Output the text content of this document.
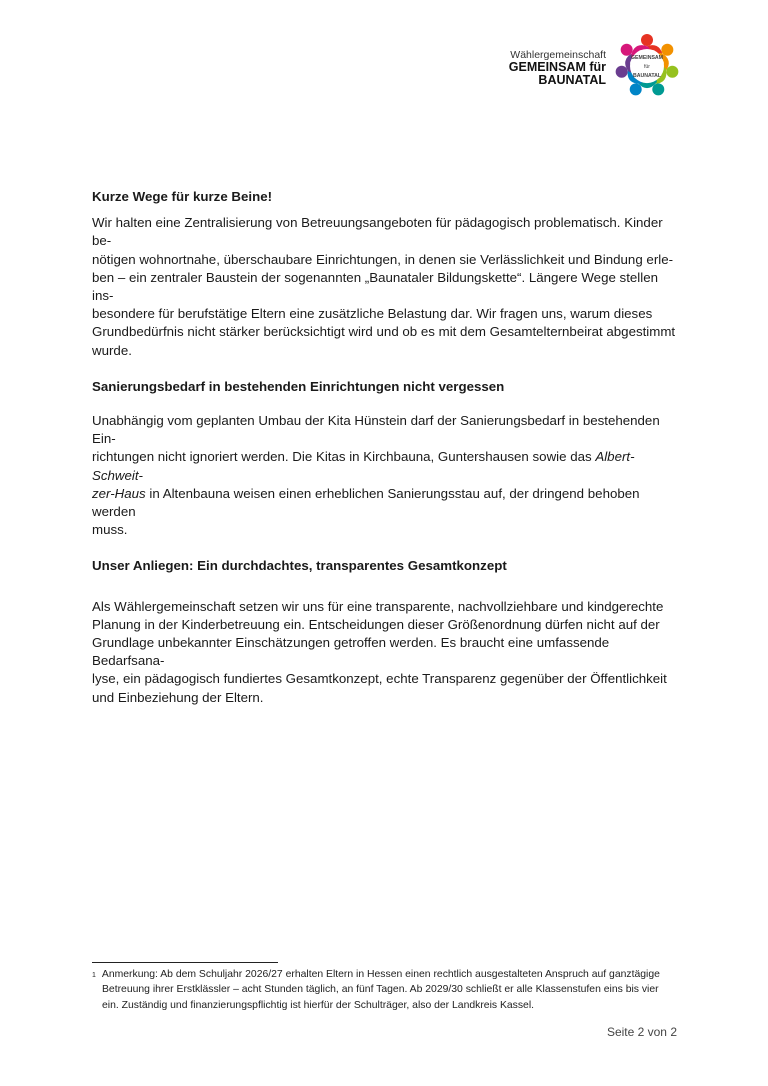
Wählergemeinschaft
GEMEINSAM für
BAUNATAL
GEMEINSAM
für
BAUNATAL

Kurze Wege für kurze Beine!

Wir halten eine Zentralisierung von Betreuungsangeboten für pädagogisch problematisch. Kinder be-
nötigen wohnortnahe, überschaubare Einrichtungen, in denen sie Verlässlichkeit und Bindung erle-
ben – ein zentraler Baustein der sogenannten „Baunataler Bildungskette“. Längere Wege stellen ins-
besondere für berufstätige Eltern eine zusätzliche Belastung dar. Wir fragen uns, warum dieses
Grundbedürfnis nicht stärker berücksichtigt wird und ob es mit dem Gesamtelternbeirat abgestimmt
wurde.

Sanierungsbedarf in bestehenden Einrichtungen nicht vergessen

Unabhängig vom geplanten Umbau der Kita Hünstein darf der Sanierungsbedarf in bestehenden Ein-
richtungen nicht ignoriert werden. Die Kitas in Kirchbauna, Guntershausen sowie das Albert-Schweit-
zer-Haus in Altenbauna weisen einen erheblichen Sanierungsstau auf, der dringend behoben werden
muss.

Unser Anliegen: Ein durchdachtes, transparentes Gesamtkonzept

Als Wählergemeinschaft setzen wir uns für eine transparente, nachvollziehbare und kindgerechte
Planung in der Kinderbetreuung ein. Entscheidungen dieser Größenordnung dürfen nicht auf der
Grundlage unbekannter Einschätzungen getroffen werden. Es braucht eine umfassende Bedarfsana-
lyse, ein pädagogisch fundiertes Gesamtkonzept, echte Transparenz gegenüber der Öffentlichkeit
und Einbeziehung der Eltern.

$^1$ Anmerkung: Ab dem Schuljahr 2026/27 erhalten Eltern in Hessen einen rechtlich ausgestalteten Anspruch auf ganztägige
Betreuung ihrer Erstklässler – acht Stunden täglich, an fünf Tagen. Ab 2029/30 schließt er alle Klassenstufen eins bis vier
ein. Zuständig und finanzierungspflichtig ist hierfür der Schulträger, also der Landkreis Kassel.
Seite 2 von 2
